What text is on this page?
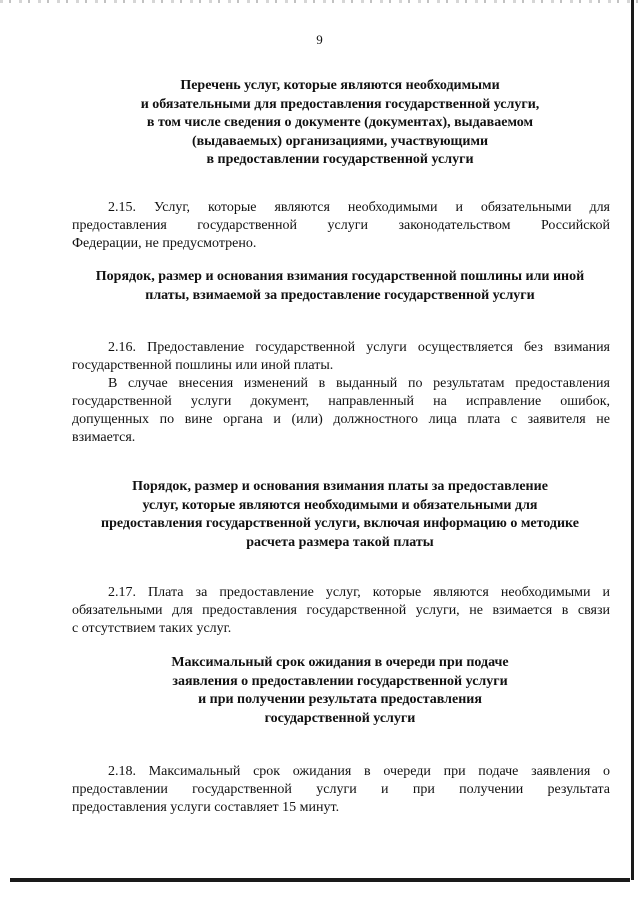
9
Перечень услуг, которые являются необходимыми
и обязательными для предоставления государственной услуги,
в том числе сведения о документе (документах), выдаваемом
(выдаваемых) организациями, участвующими
в предоставлении государственной услуги
2.15. Услуг, которые являются необходимыми и обязательными для
предоставления государственной услуги законодательством Российской
Федерации, не предусмотрено.
Порядок, размер и основания взимания государственной пошлины или иной
платы, взимаемой за предоставление государственной услуги
2.16. Предоставление государственной услуги осуществляется без взимания
государственной пошлины или иной платы.
В случае внесения изменений в выданный по результатам предоставления
государственной услуги документ, направленный на исправление ошибок,
допущенных по вине органа и (или) должностного лица плата с заявителя не
взимается.
Порядок, размер и основания взимания платы за предоставление
услуг, которые являются необходимыми и обязательными для
предоставления государственной услуги, включая информацию о методике
расчета размера такой платы
2.17. Плата за предоставление услуг, которые являются необходимыми и
обязательными для предоставления государственной услуги, не взимается в связи
с отсутствием таких услуг.
Максимальный срок ожидания в очереди при подаче
заявления о предоставлении государственной услуги
и при получении результата предоставления
государственной услуги
2.18. Максимальный срок ожидания в очереди при подаче заявления о
предоставлении государственной услуги и при получении результата
предоставления услуги составляет 15 минут.
